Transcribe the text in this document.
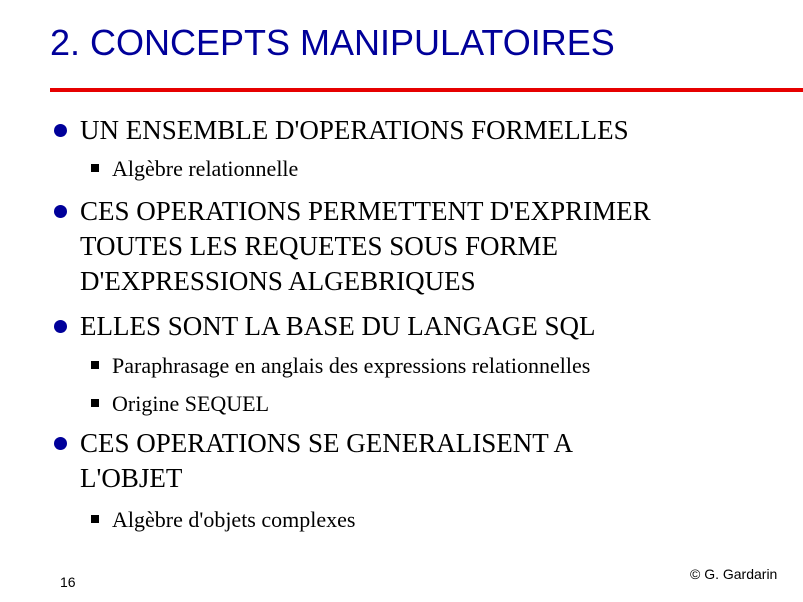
2. CONCEPTS MANIPULATOIRES
UN ENSEMBLE D'OPERATIONS FORMELLES
Algèbre relationnelle
CES OPERATIONS PERMETTENT D'EXPRIMER
TOUTES LES REQUETES SOUS FORME
D'EXPRESSIONS ALGEBRIQUES
ELLES SONT LA BASE DU LANGAGE SQL
Paraphrasage en anglais des expressions relationnelles
Origine SEQUEL
CES OPERATIONS SE GENERALISENT A
L'OBJET
Algèbre d'objets complexes
16	© G. Gardarin
